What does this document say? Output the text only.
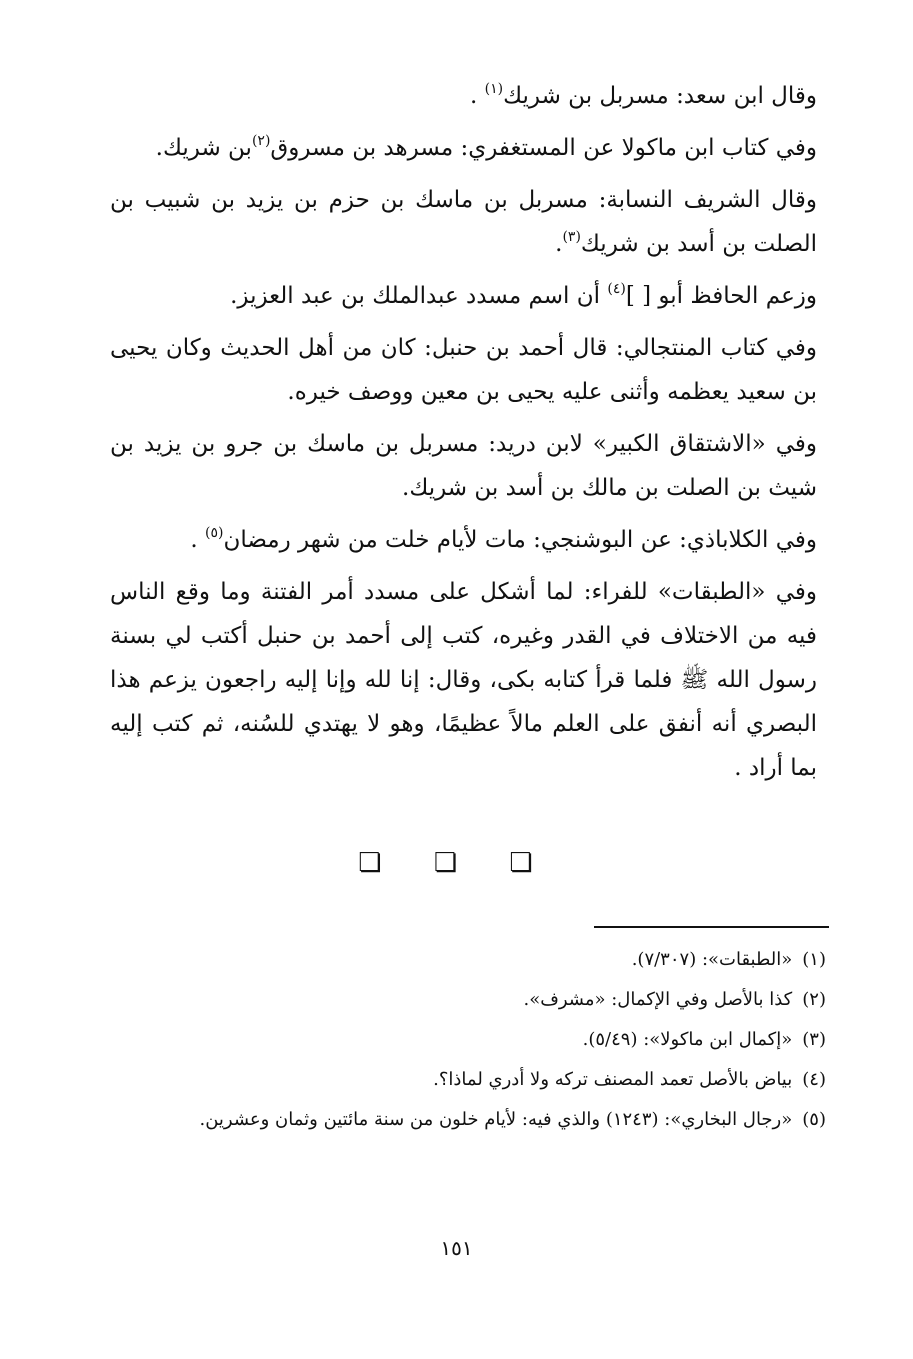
وقال ابن سعد: مسربل بن شريك$^{(١)}$ .

وفي كتاب ابن ماكولا عن المستغفري: مسرهد بن مسروق$^{(٢)}$بن شريك.

وقال الشريف النسابة: مسربل بن ماسك بن حزم بن يزيد بن شبيب بن الصلت بن أسد بن شريك$^{(٣)}$.

وزعم الحافظ أبو [ ]$^{(٤)}$ أن اسم مسدد عبدالملك بن عبد العزيز.

وفي كتاب المنتجالي: قال أحمد بن حنبل: كان من أهل الحديث وكان يحيى بن سعيد يعظمه وأثنى عليه يحيى بن معين ووصف خيره.

وفي «الاشتقاق الكبير» لابن دريد: مسربل بن ماسك بن جرو بن يزيد بن شيث بن الصلت بن مالك بن أسد بن شريك.

وفي الكلاباذي: عن البوشنجي: مات لأيام خلت من شهر رمضان$^{(٥)}$ .

وفي «الطبقات» للفراء: لما أشكل على مسدد أمر الفتنة وما وقع الناس فيه من الاختلاف في القدر وغيره، كتب إلى أحمد بن حنبل أكتب لي بسنة رسول الله ﷺ فلما قرأ كتابه بكى، وقال: إنا لله وإنا إليه راجعون يزعم هذا البصري أنه أنفق على العلم مالاً عظيمًا، وهو لا يهتدي للسُنه، ثم كتب إليه بما أراد .

❏ ❏ ❏

(١)«الطبقات»: (٧/٣٠٧).

(٢)كذا بالأصل وفي الإكمال: «مشرف».

(٣)«إكمال ابن ماكولا»: (٥/٤٩).

(٤)بياض بالأصل تعمد المصنف تركه ولا أدري لماذا؟.

(٥)«رجال البخاري»: (١٢٤٣) والذي فيه: لأيام خلون من سنة مائتين وثمان وعشرين.

١٥١
